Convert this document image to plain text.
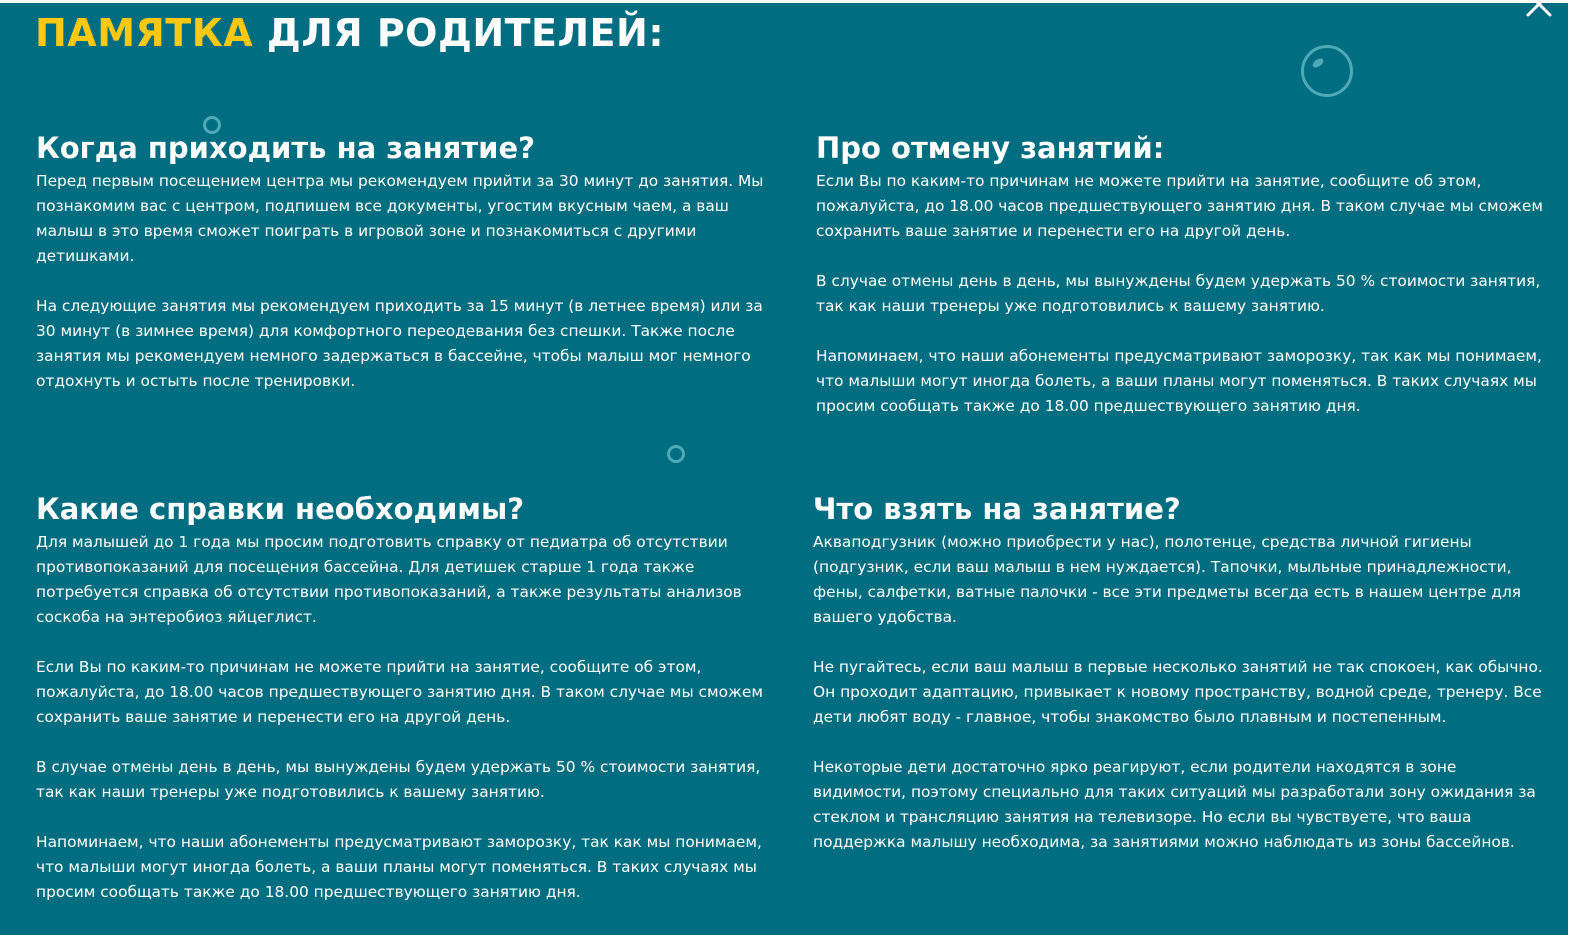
ПАМЯТКА ДЛЯ РОДИТЕЛЕЙ:
Когда приходить на занятие?

Перед первым посещением центра мы рекомендуем прийти за 30 минут до занятия. Мы познакомим вас с центром, подпишем все документы, угостим вкусным чаем, а ваш малыш в это время сможет поиграть в игровой зоне и познакомиться с другими детишками.

На следующие занятия мы рекомендуем приходить за 15 минут (в летнее время) или за 30 минут (в зимнее время) для комфортного переодевания без спешки. Также после занятия мы рекомендуем немного задержаться в бассейне, чтобы малыш мог немного отдохнуть и остыть после тренировки.

Про отмену занятий:

Если Вы по каким-то причинам не можете прийти на занятие, сообщите об этом, пожалуйста, до 18.00 часов предшествующего занятию дня. В таком случае мы сможем сохранить ваше занятие и перенести его на другой день.

В случае отмены день в день, мы вынуждены будем удержать 50 % стоимости занятия, так как наши тренеры уже подготовились к вашему занятию.

Напоминаем, что наши абонементы предусматривают заморозку, так как мы понимаем, что малыши могут иногда болеть, а ваши планы могут поменяться. В таких случаях мы просим сообщать также до 18.00 предшествующего занятию дня.

Какие справки необходимы?

Для малышей до 1 года мы просим подготовить справку от педиатра об отсутствии противопоказаний для посещения бассейна. Для детишек старше 1 года также потребуется справка об отсутствии противопоказаний, а также результаты анализов соскоба на энтеробиоз яйцеглист.

Если Вы по каким-то причинам не можете прийти на занятие, сообщите об этом, пожалуйста, до 18.00 часов предшествующего занятию дня. В таком случае мы сможем сохранить ваше занятие и перенести его на другой день.

В случае отмены день в день, мы вынуждены будем удержать 50 % стоимости занятия, так как наши тренеры уже подготовились к вашему занятию.

Напоминаем, что наши абонементы предусматривают заморозку, так как мы понимаем, что малыши могут иногда болеть, а ваши планы могут поменяться. В таких случаях мы просим сообщать также до 18.00 предшествующего занятию дня.

Что взять на занятие?

Акваподгузник (можно приобрести у нас), полотенце, средства личной гигиены (подгузник, если ваш малыш в нем нуждается). Тапочки, мыльные принадлежности, фены, салфетки, ватные палочки - все эти предметы всегда есть в нашем центре для вашего удобства.

Не пугайтесь, если ваш малыш в первые несколько занятий не так спокоен, как обычно. Он проходит адаптацию, привыкает к новому пространству, водной среде, тренеру. Все дети любят воду - главное, чтобы знакомство было плавным и постепенным.

Некоторые дети достаточно ярко реагируют, если родители находятся в зоне видимости, поэтому специально для таких ситуаций мы разработали зону ожидания за стеклом и трансляцию занятия на телевизоре. Но если вы чувствуете, что ваша поддержка малышу необходима, за занятиями можно наблюдать из зоны бассейнов.
